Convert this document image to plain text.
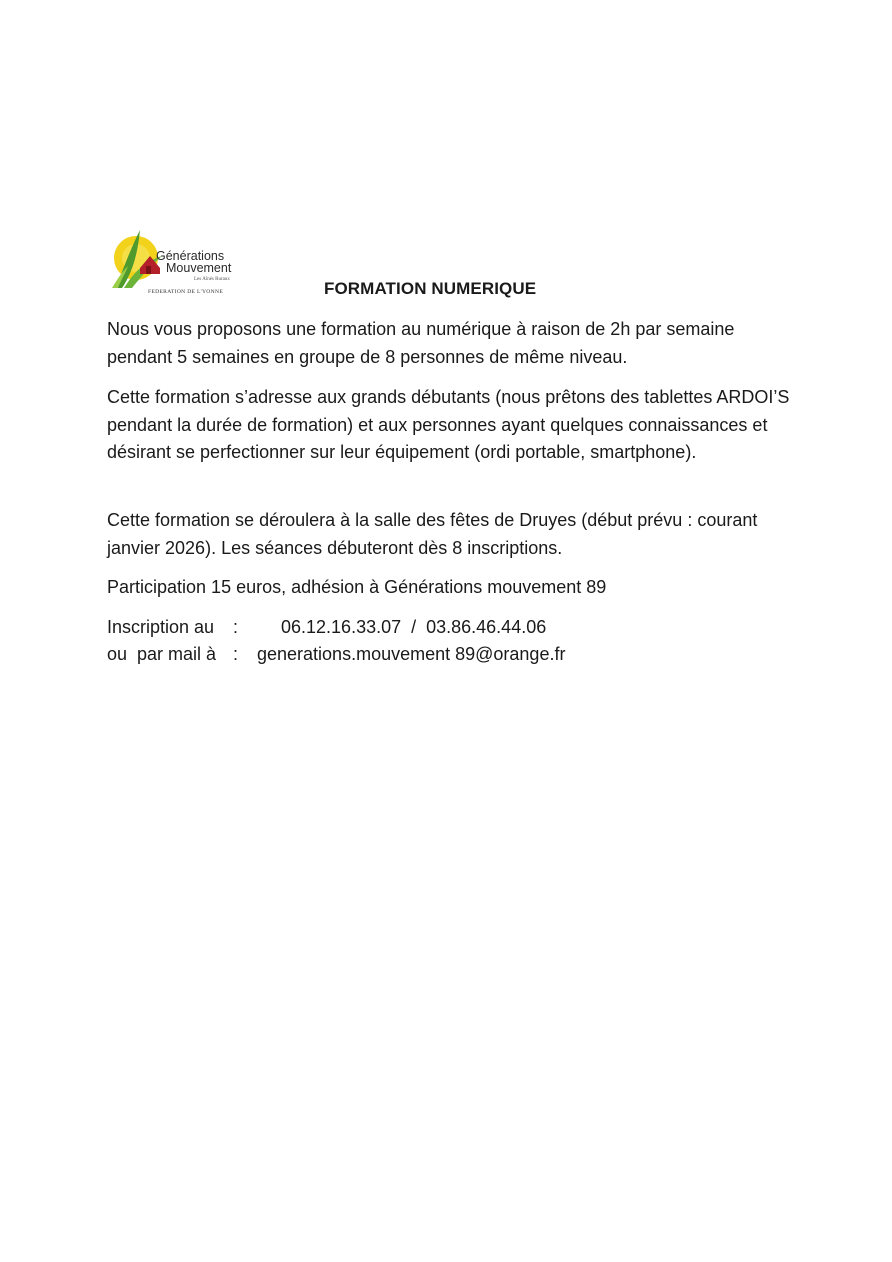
Générations
Mouvement
Les Aînés Ruraux
FEDERATION DE L'YONNE	FORMATION NUMERIQUE

Nous vous proposons une formation au numérique à raison de 2h par semaine pendant 5 semaines en groupe de 8 personnes de même niveau.

Cette formation s’adresse aux grands débutants (nous prêtons des tablettes ARDOI’S pendant la durée de formation) et aux personnes ayant quelques connaissances et désirant se perfectionner sur leur équipement (ordi portable, smartphone).

Cette formation se déroulera à la salle des fêtes de Druyes (début prévu : courant janvier 2026). Les séances débuteront dès 8 inscriptions.

Participation 15 euros, adhésion à Générations mouvement 89

Inscription au : 06.12.16.33.07  /  03.86.46.44.06
ou  par mail à : generations.mouvement 89@orange.fr
